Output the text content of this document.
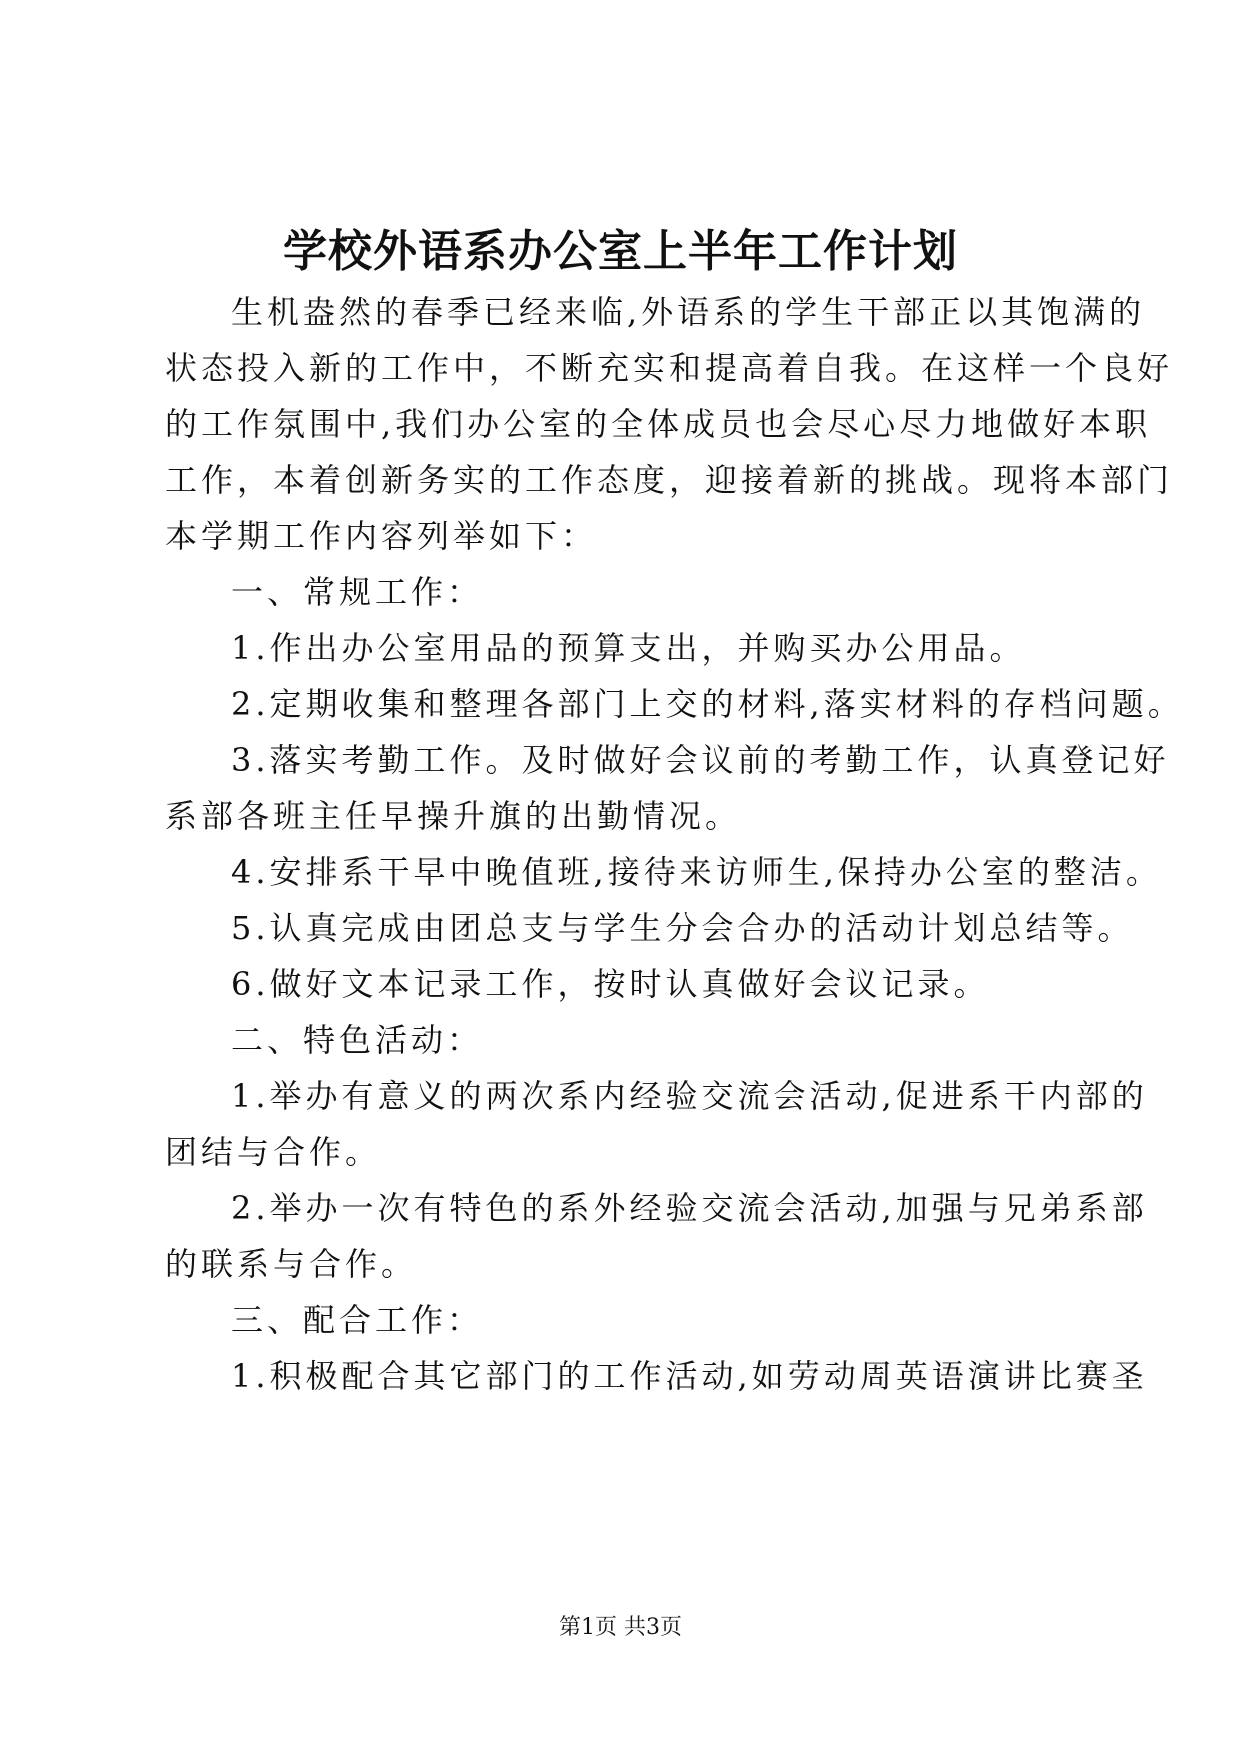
学校外语系办公室上半年工作计划
生机盎然的春季已经来临,外语系的学生干部正以其饱满的
状态投入新的工作中，不断充实和提高着自我。在这样一个良好
的工作氛围中,我们办公室的全体成员也会尽心尽力地做好本职
工作，本着创新务实的工作态度，迎接着新的挑战。现将本部门
本学期工作内容列举如下：
一、常规工作：
1.作出办公室用品的预算支出，并购买办公用品。
2.定期收集和整理各部门上交的材料,落实材料的存档问题。
3.落实考勤工作。及时做好会议前的考勤工作，认真登记好
系部各班主任早操升旗的出勤情况。
4.安排系干早中晚值班,接待来访师生,保持办公室的整洁。
5.认真完成由团总支与学生分会合办的活动计划总结等。
6.做好文本记录工作，按时认真做好会议记录。
二、特色活动：
1.举办有意义的两次系内经验交流会活动,促进系干内部的
团结与合作。
2.举办一次有特色的系外经验交流会活动,加强与兄弟系部
的联系与合作。
三、配合工作：
1.积极配合其它部门的工作活动,如劳动周英语演讲比赛圣
第1页 共3页
